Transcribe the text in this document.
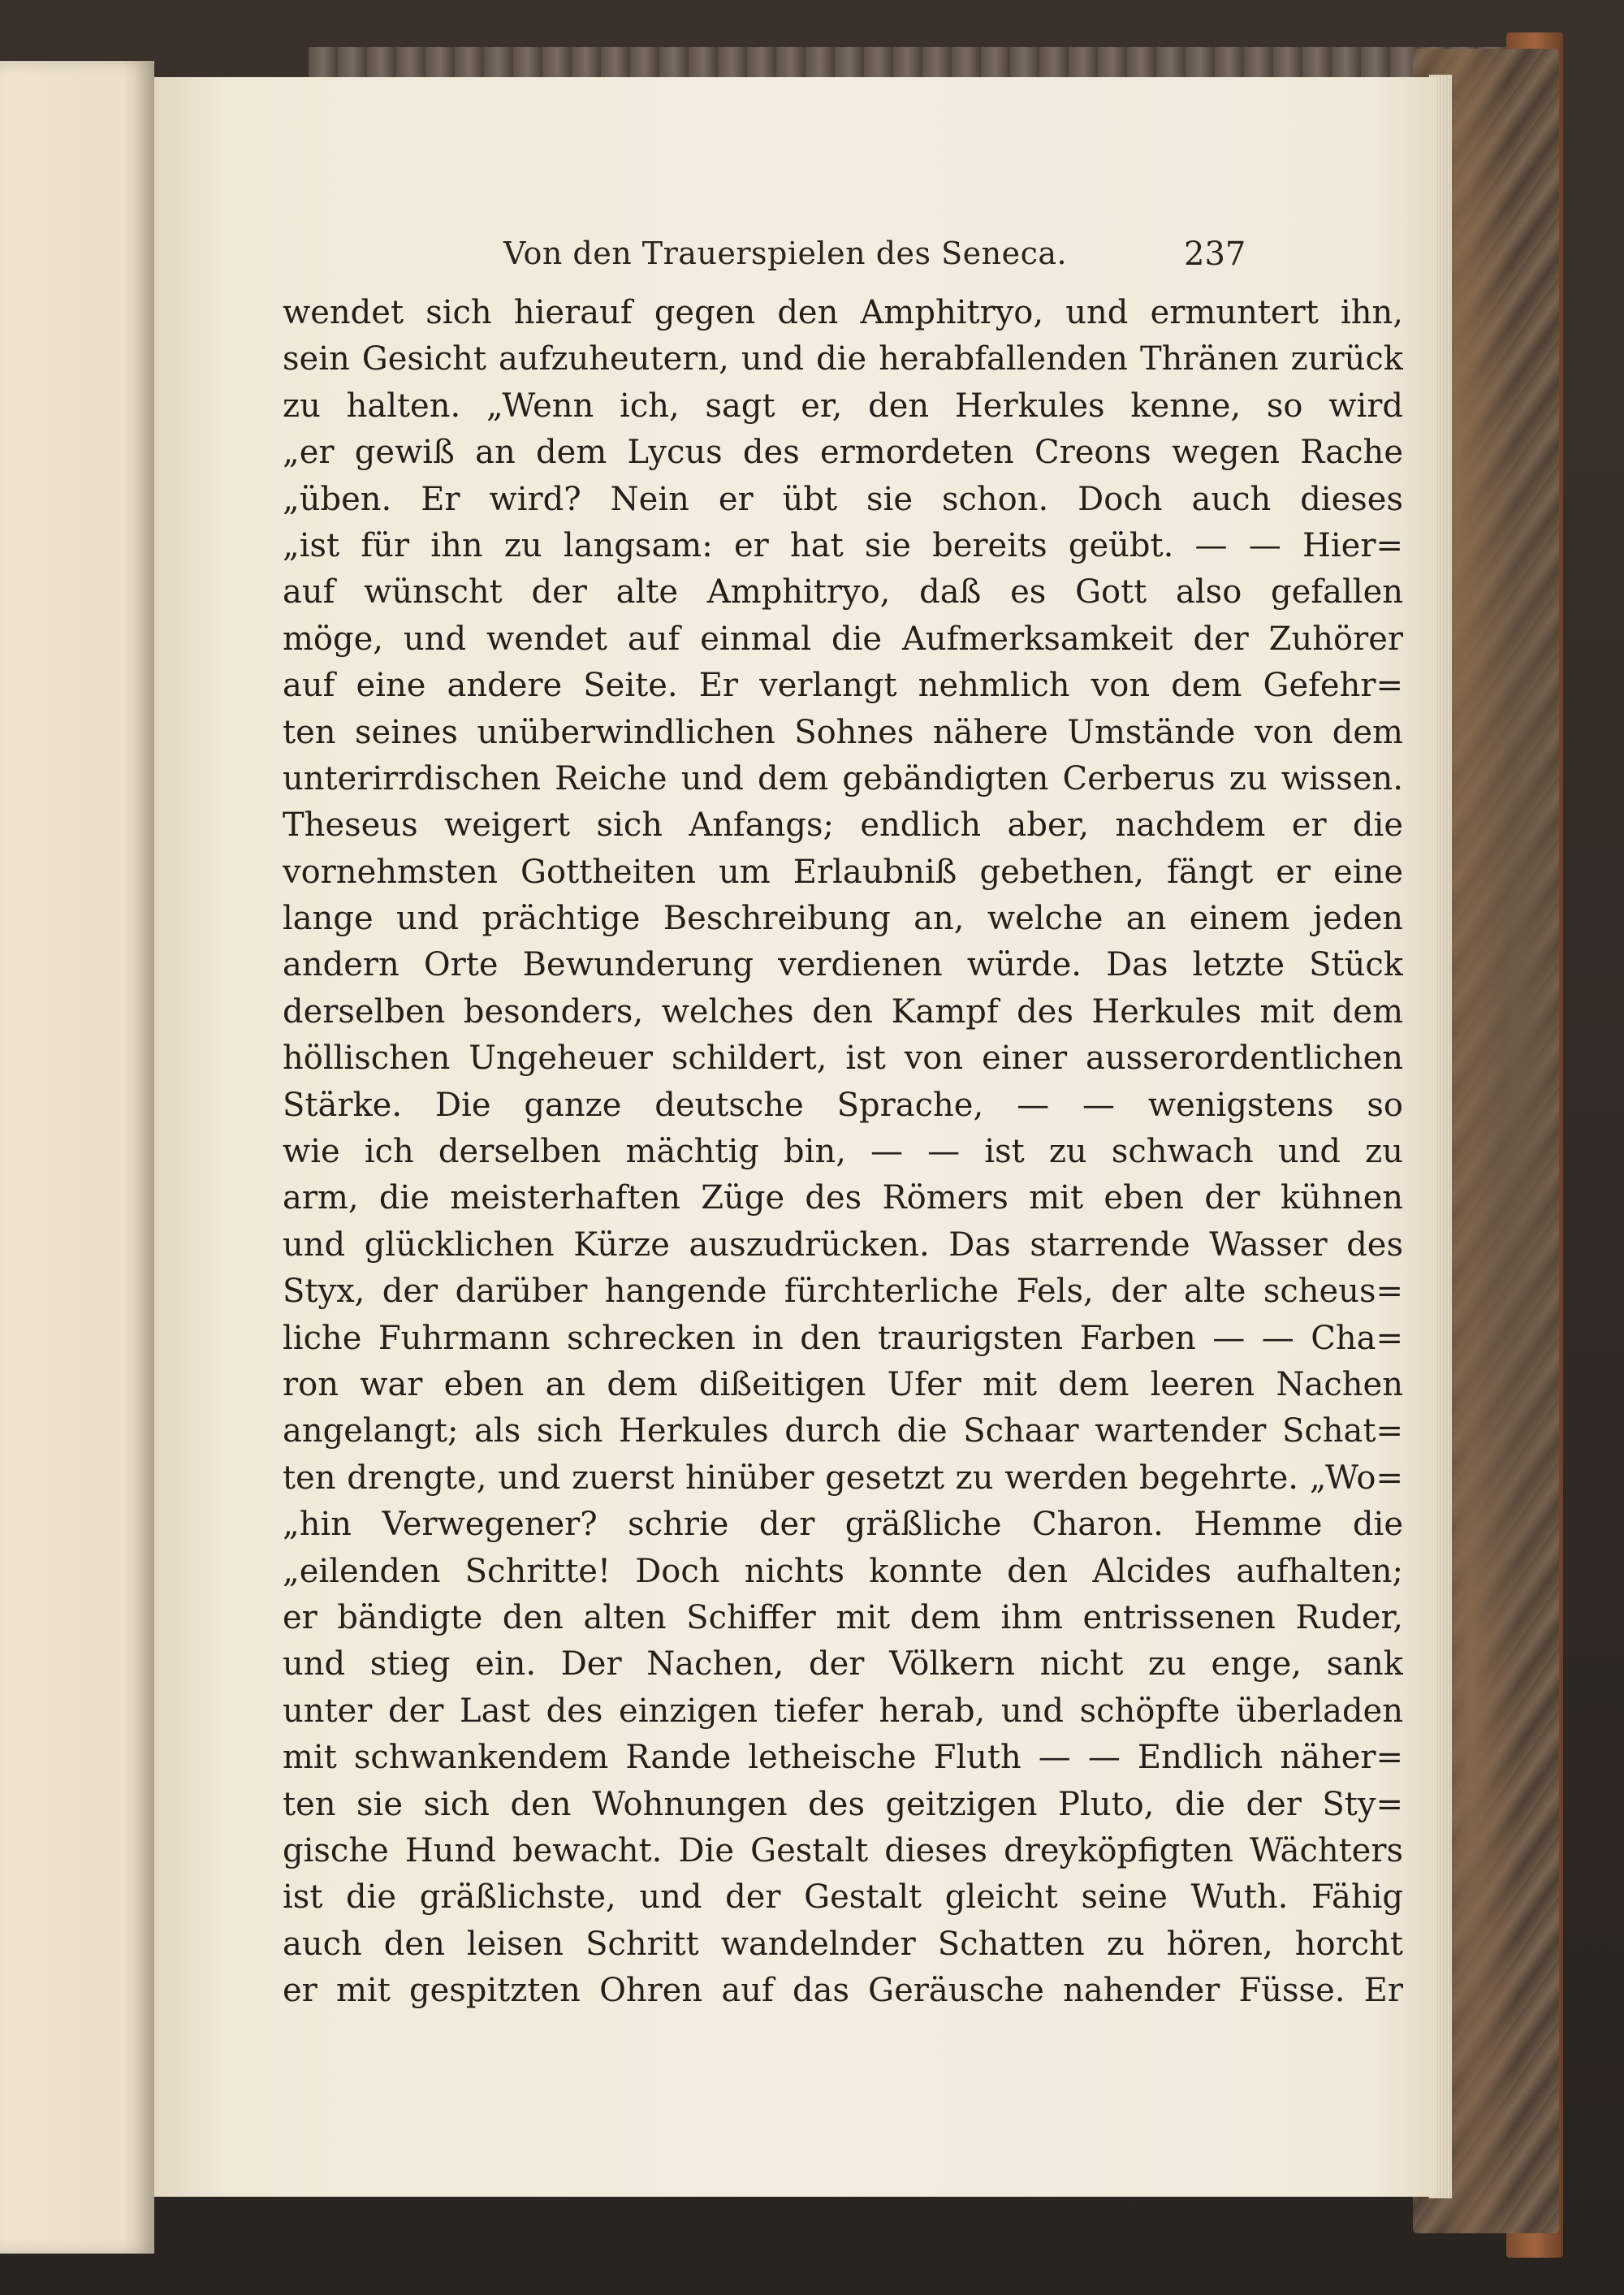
Von den Trauerspielen des Seneca.	237
wendet sich hierauf gegen den Amphitryo, und ermuntert ihn,
sein Gesicht aufzuheutern, und die herabfallenden Thränen zurück
zu halten. „Wenn ich, sagt er, den Herkules kenne, so wird
„er gewiß an dem Lycus des ermordeten Creons wegen Rache
„üben. Er wird? Nein er übt sie schon. Doch auch dieses
„ist für ihn zu langsam: er hat sie bereits geübt. — — Hier=
auf wünscht der alte Amphitryo, daß es Gott also gefallen
möge, und wendet auf einmal die Aufmerksamkeit der Zuhörer
auf eine andere Seite. Er verlangt nehmlich von dem Gefehr=
ten seines unüberwindlichen Sohnes nähere Umstände von dem
unterirrdischen Reiche und dem gebändigten Cerberus zu wissen.
Theseus weigert sich Anfangs; endlich aber, nachdem er die
vornehmsten Gottheiten um Erlaubniß gebethen, fängt er eine
lange und prächtige Beschreibung an, welche an einem jeden
andern Orte Bewunderung verdienen würde. Das letzte Stück
derselben besonders, welches den Kampf des Herkules mit dem
höllischen Ungeheuer schildert, ist von einer ausserordentlichen
Stärke. Die ganze deutsche Sprache, — — wenigstens so
wie ich derselben mächtig bin, — — ist zu schwach und zu
arm, die meisterhaften Züge des Römers mit eben der kühnen
und glücklichen Kürze auszudrücken. Das starrende Wasser des
Styx, der darüber hangende fürchterliche Fels, der alte scheus=
liche Fuhrmann schrecken in den traurigsten Farben — — Cha=
ron war eben an dem dißeitigen Ufer mit dem leeren Nachen
angelangt; als sich Herkules durch die Schaar wartender Schat=
ten drengte, und zuerst hinüber gesetzt zu werden begehrte. „Wo=
„hin Verwegener? schrie der gräßliche Charon. Hemme die
„eilenden Schritte! Doch nichts konnte den Alcides aufhalten;
er bändigte den alten Schiffer mit dem ihm entrissenen Ruder,
und stieg ein. Der Nachen, der Völkern nicht zu enge, sank
unter der Last des einzigen tiefer herab, und schöpfte überladen
mit schwankendem Rande letheische Fluth — — Endlich näher=
ten sie sich den Wohnungen des geitzigen Pluto, die der Sty=
gische Hund bewacht. Die Gestalt dieses dreyköpfigten Wächters
ist die gräßlichste, und der Gestalt gleicht seine Wuth. Fähig
auch den leisen Schritt wandelnder Schatten zu hören, horcht
er mit gespitzten Ohren auf das Geräusche nahender Füsse. Er
